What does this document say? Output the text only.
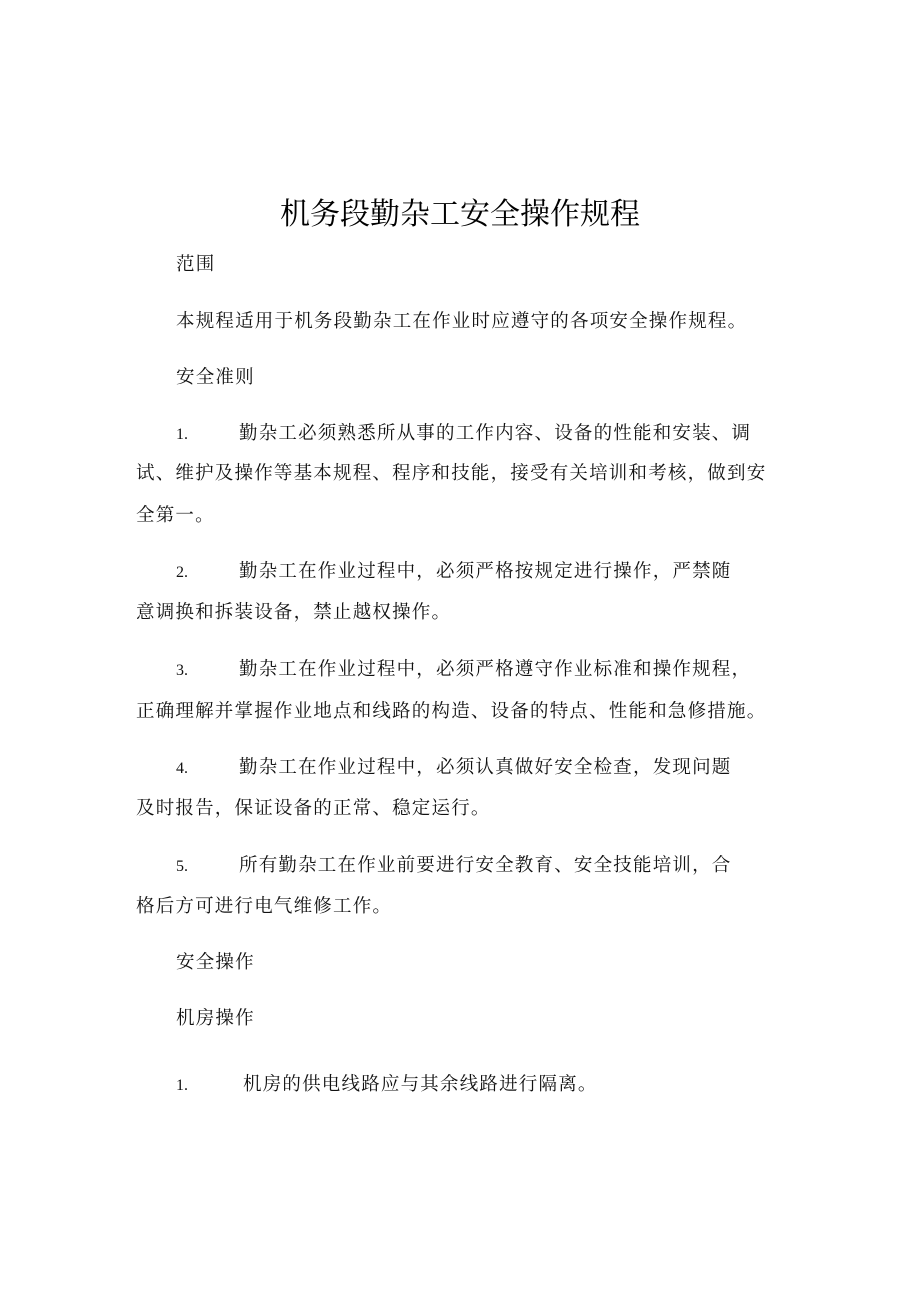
机务段勤杂工安全操作规程
范围
本规程适用于机务段勤杂工在作业时应遵守的各项安全操作规程。
安全准则
1.	勤杂工必须熟悉所从事的工作内容、设备的性能和安装、调
试、维护及操作等基本规程、程序和技能，接受有关培训和考核，做到安
全第一。
2.	勤杂工在作业过程中，必须严格按规定进行操作，严禁随
意调换和拆装设备，禁止越权操作。
3.	勤杂工在作业过程中，必须严格遵守作业标准和操作规程，
正确理解并掌握作业地点和线路的构造、设备的特点、性能和急修措施。
4.	勤杂工在作业过程中，必须认真做好安全检查，发现问题
及时报告，保证设备的正常、稳定运行。
5.	所有勤杂工在作业前要进行安全教育、安全技能培训，合
格后方可进行电气维修工作。
安全操作
机房操作
1.	机房的供电线路应与其余线路进行隔离。
